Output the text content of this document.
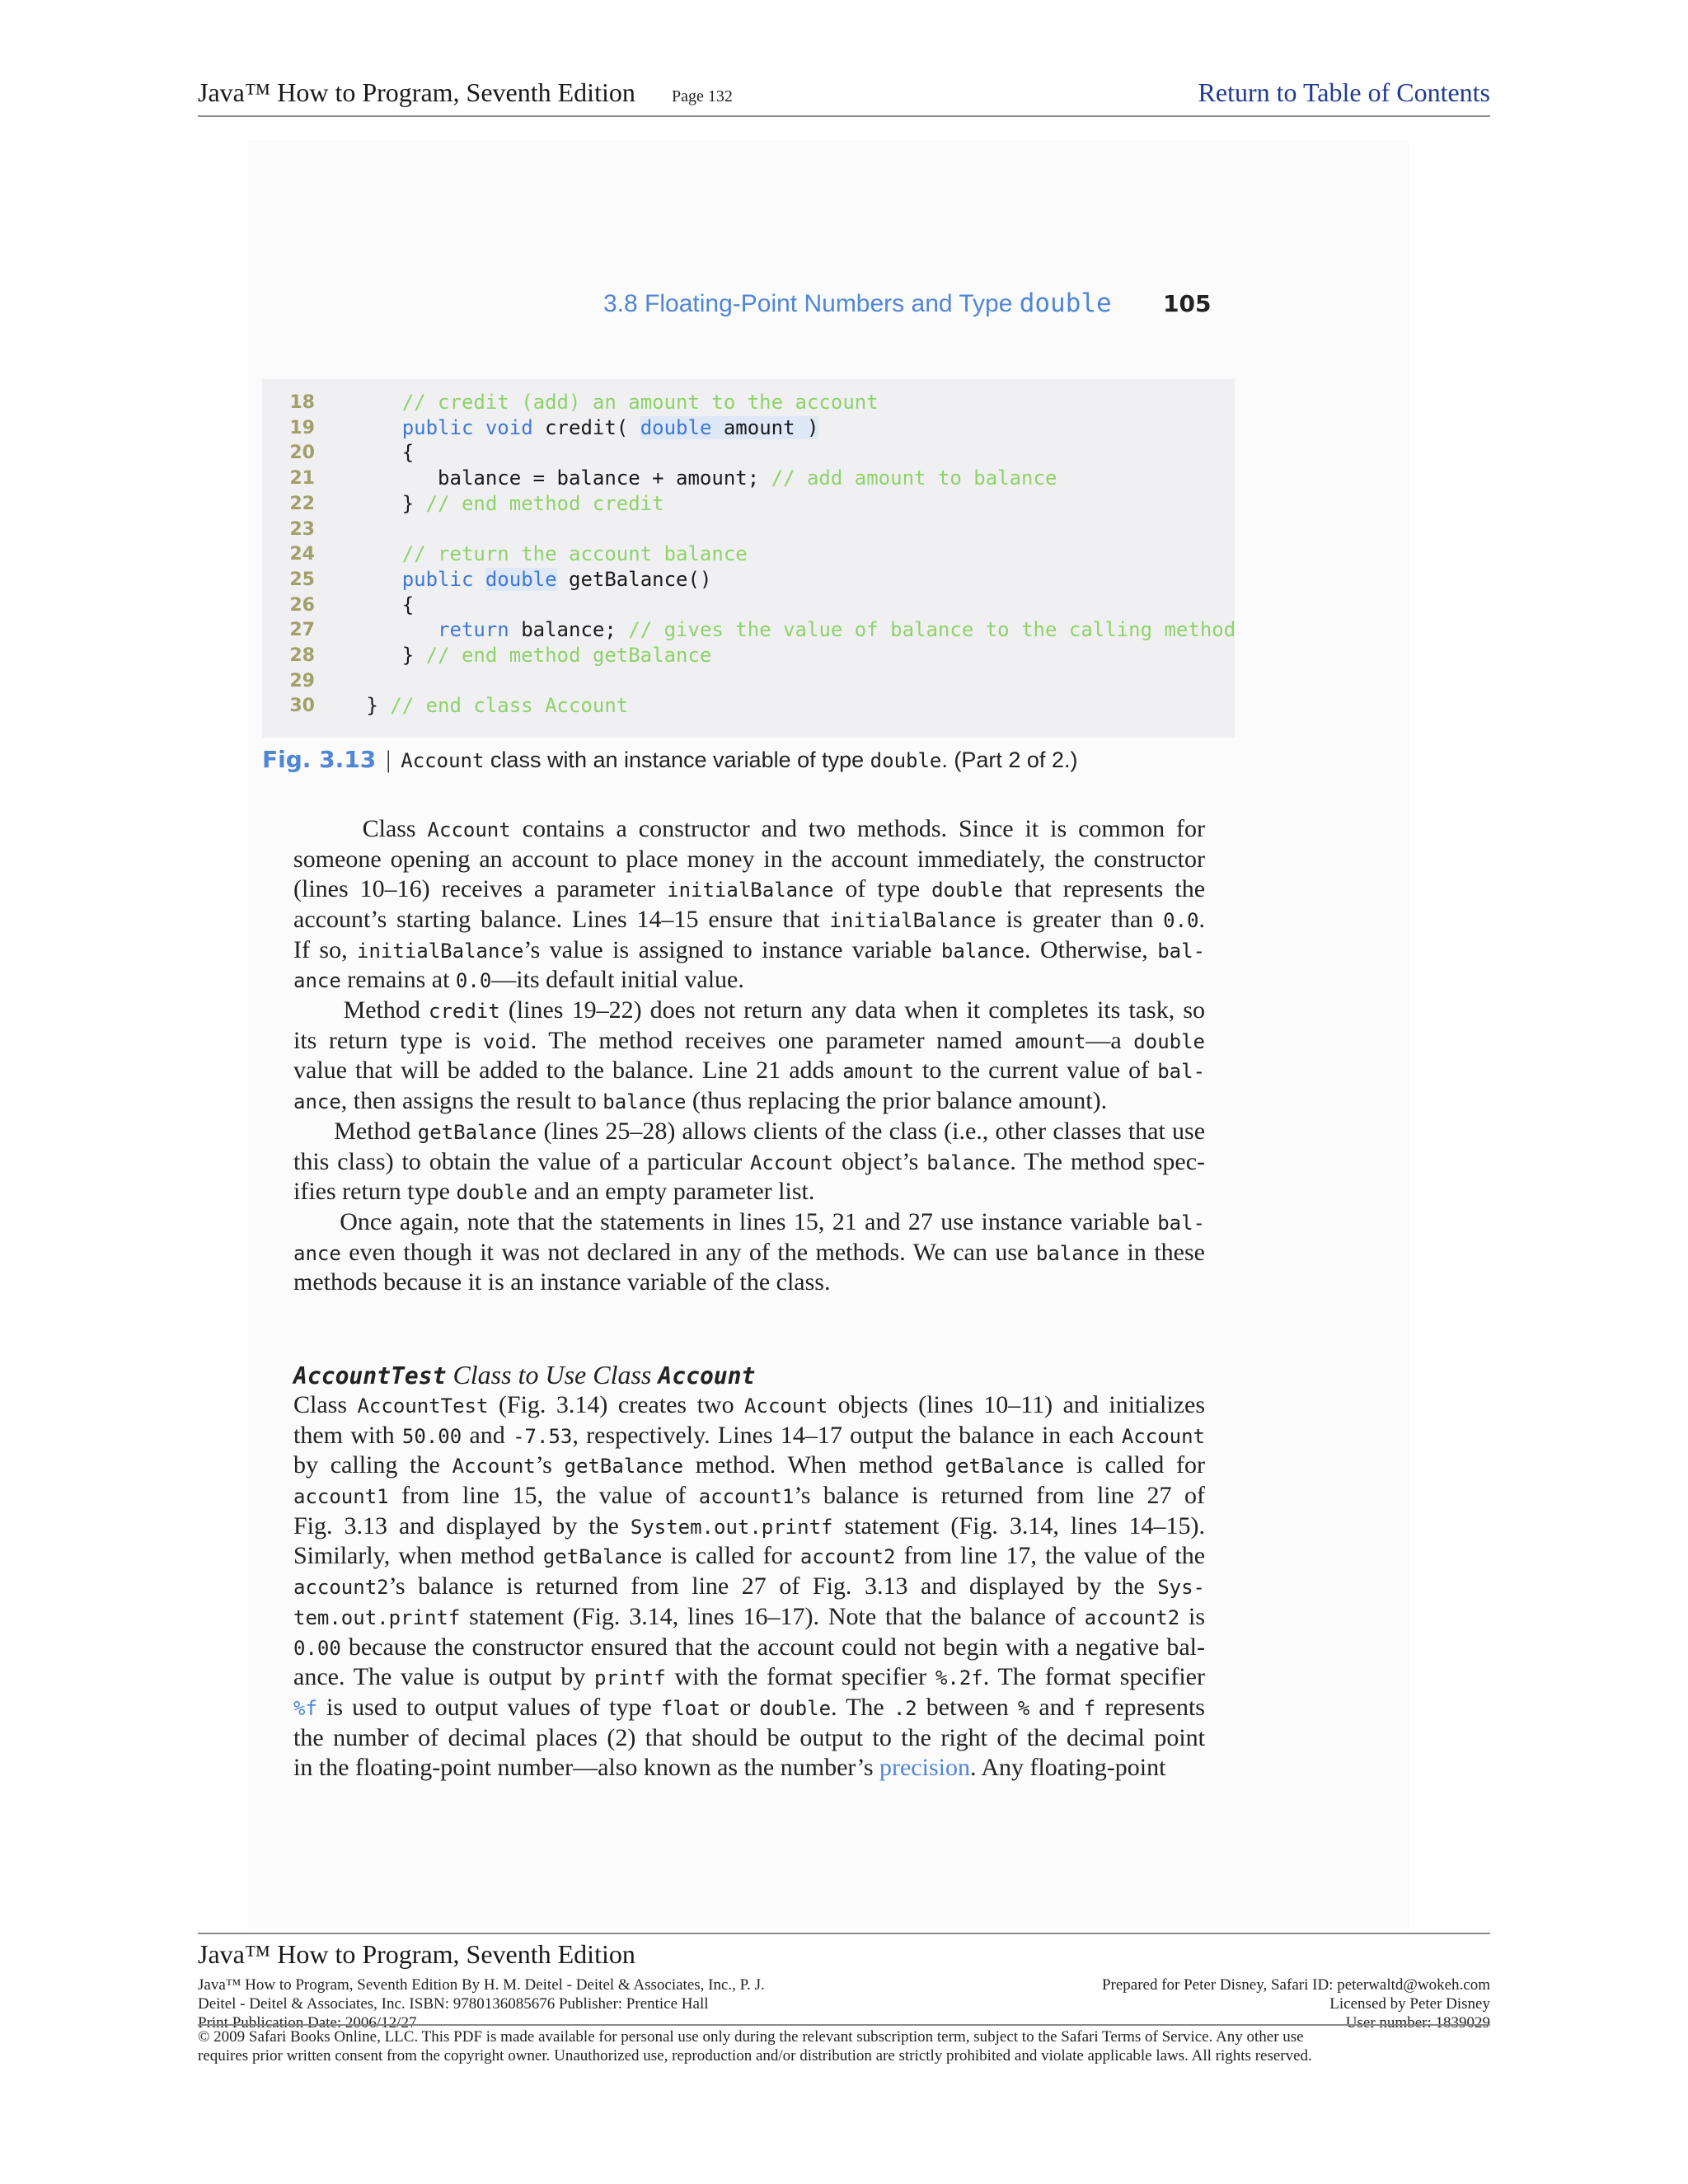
Java™ How to Program, Seventh Edition Page 132	Return to Table of Contents
3.8 Floating-Point Numbers and Type double	105
18	// credit (add) an amount to the account
19	public void credit( double amount )
20 {
21 balance = balance + amount; // add amount to balance
22 } // end method credit
23
24	// return the account balance
25	public double getBalance()
26 {
27	return balance; // gives the value of balance to the calling method
28 } // end method getBalance
29
30 } // end class Account
Fig. 3.13 | Account class with an instance variable of type double. (Part 2 of 2.)
Class Account contains a constructor and two methods. Since it is common for
someone opening an account to place money in the account immediately, the constructor
(lines 10–16) receives a parameter initialBalance of type double that represents the
account’s starting balance. Lines 14–15 ensure that initialBalance is greater than 0.0.
If so, initialBalance’s value is assigned to instance variable balance. Otherwise, bal-
ance remains at 0.0—its default initial value.
Method credit (lines 19–22) does not return any data when it completes its task, so
its return type is void. The method receives one parameter named amount—a double
value that will be added to the balance. Line 21 adds amount to the current value of bal-
ance, then assigns the result to balance (thus replacing the prior balance amount).
Method getBalance (lines 25–28) allows clients of the class (i.e., other classes that use
this class) to obtain the value of a particular Account object’s balance. The method spec-
ifies return type double and an empty parameter list.
Once again, note that the statements in lines 15, 21 and 27 use instance variable bal-
ance even though it was not declared in any of the methods. We can use balance in these
methods because it is an instance variable of the class.
AccountTest Class to Use Class Account
Class AccountTest (Fig. 3.14) creates two Account objects (lines 10–11) and initializes
them with 50.00 and -7.53, respectively. Lines 14–17 output the balance in each Account
by calling the Account’s getBalance method. When method getBalance is called for
account1 from line 15, the value of account1’s balance is returned from line 27 of
Fig. 3.13 and displayed by the System.out.printf statement (Fig. 3.14, lines 14–15).
Similarly, when method getBalance is called for account2 from line 17, the value of the
account2’s balance is returned from line 27 of Fig. 3.13 and displayed by the Sys-
tem.out.printf statement (Fig. 3.14, lines 16–17). Note that the balance of account2 is
0.00 because the constructor ensured that the account could not begin with a negative bal-
ance. The value is output by printf with the format specifier %.2f. The format specifier
%f is used to output values of type float or double. The .2 between % and f represents
the number of decimal places (2) that should be output to the right of the decimal point
in the floating-point number—also known as the number’s precision. Any floating-point
Java™ How to Program, Seventh Edition
Java™ How to Program, Seventh Edition By H. M. Deitel - Deitel & Associates, Inc., P. J.
Deitel - Deitel & Associates, Inc. ISBN: 9780136085676 Publisher: Prentice Hall
Print Publication Date: 2006/12/27
Prepared for Peter Disney, Safari ID: peterwaltd@wokeh.com
Licensed by Peter Disney
User number: 1839029
© 2009 Safari Books Online, LLC. This PDF is made available for personal use only during the relevant subscription term, subject to the Safari Terms of Service. Any other use
requires prior written consent from the copyright owner. Unauthorized use, reproduction and/or distribution are strictly prohibited and violate applicable laws. All rights reserved.
